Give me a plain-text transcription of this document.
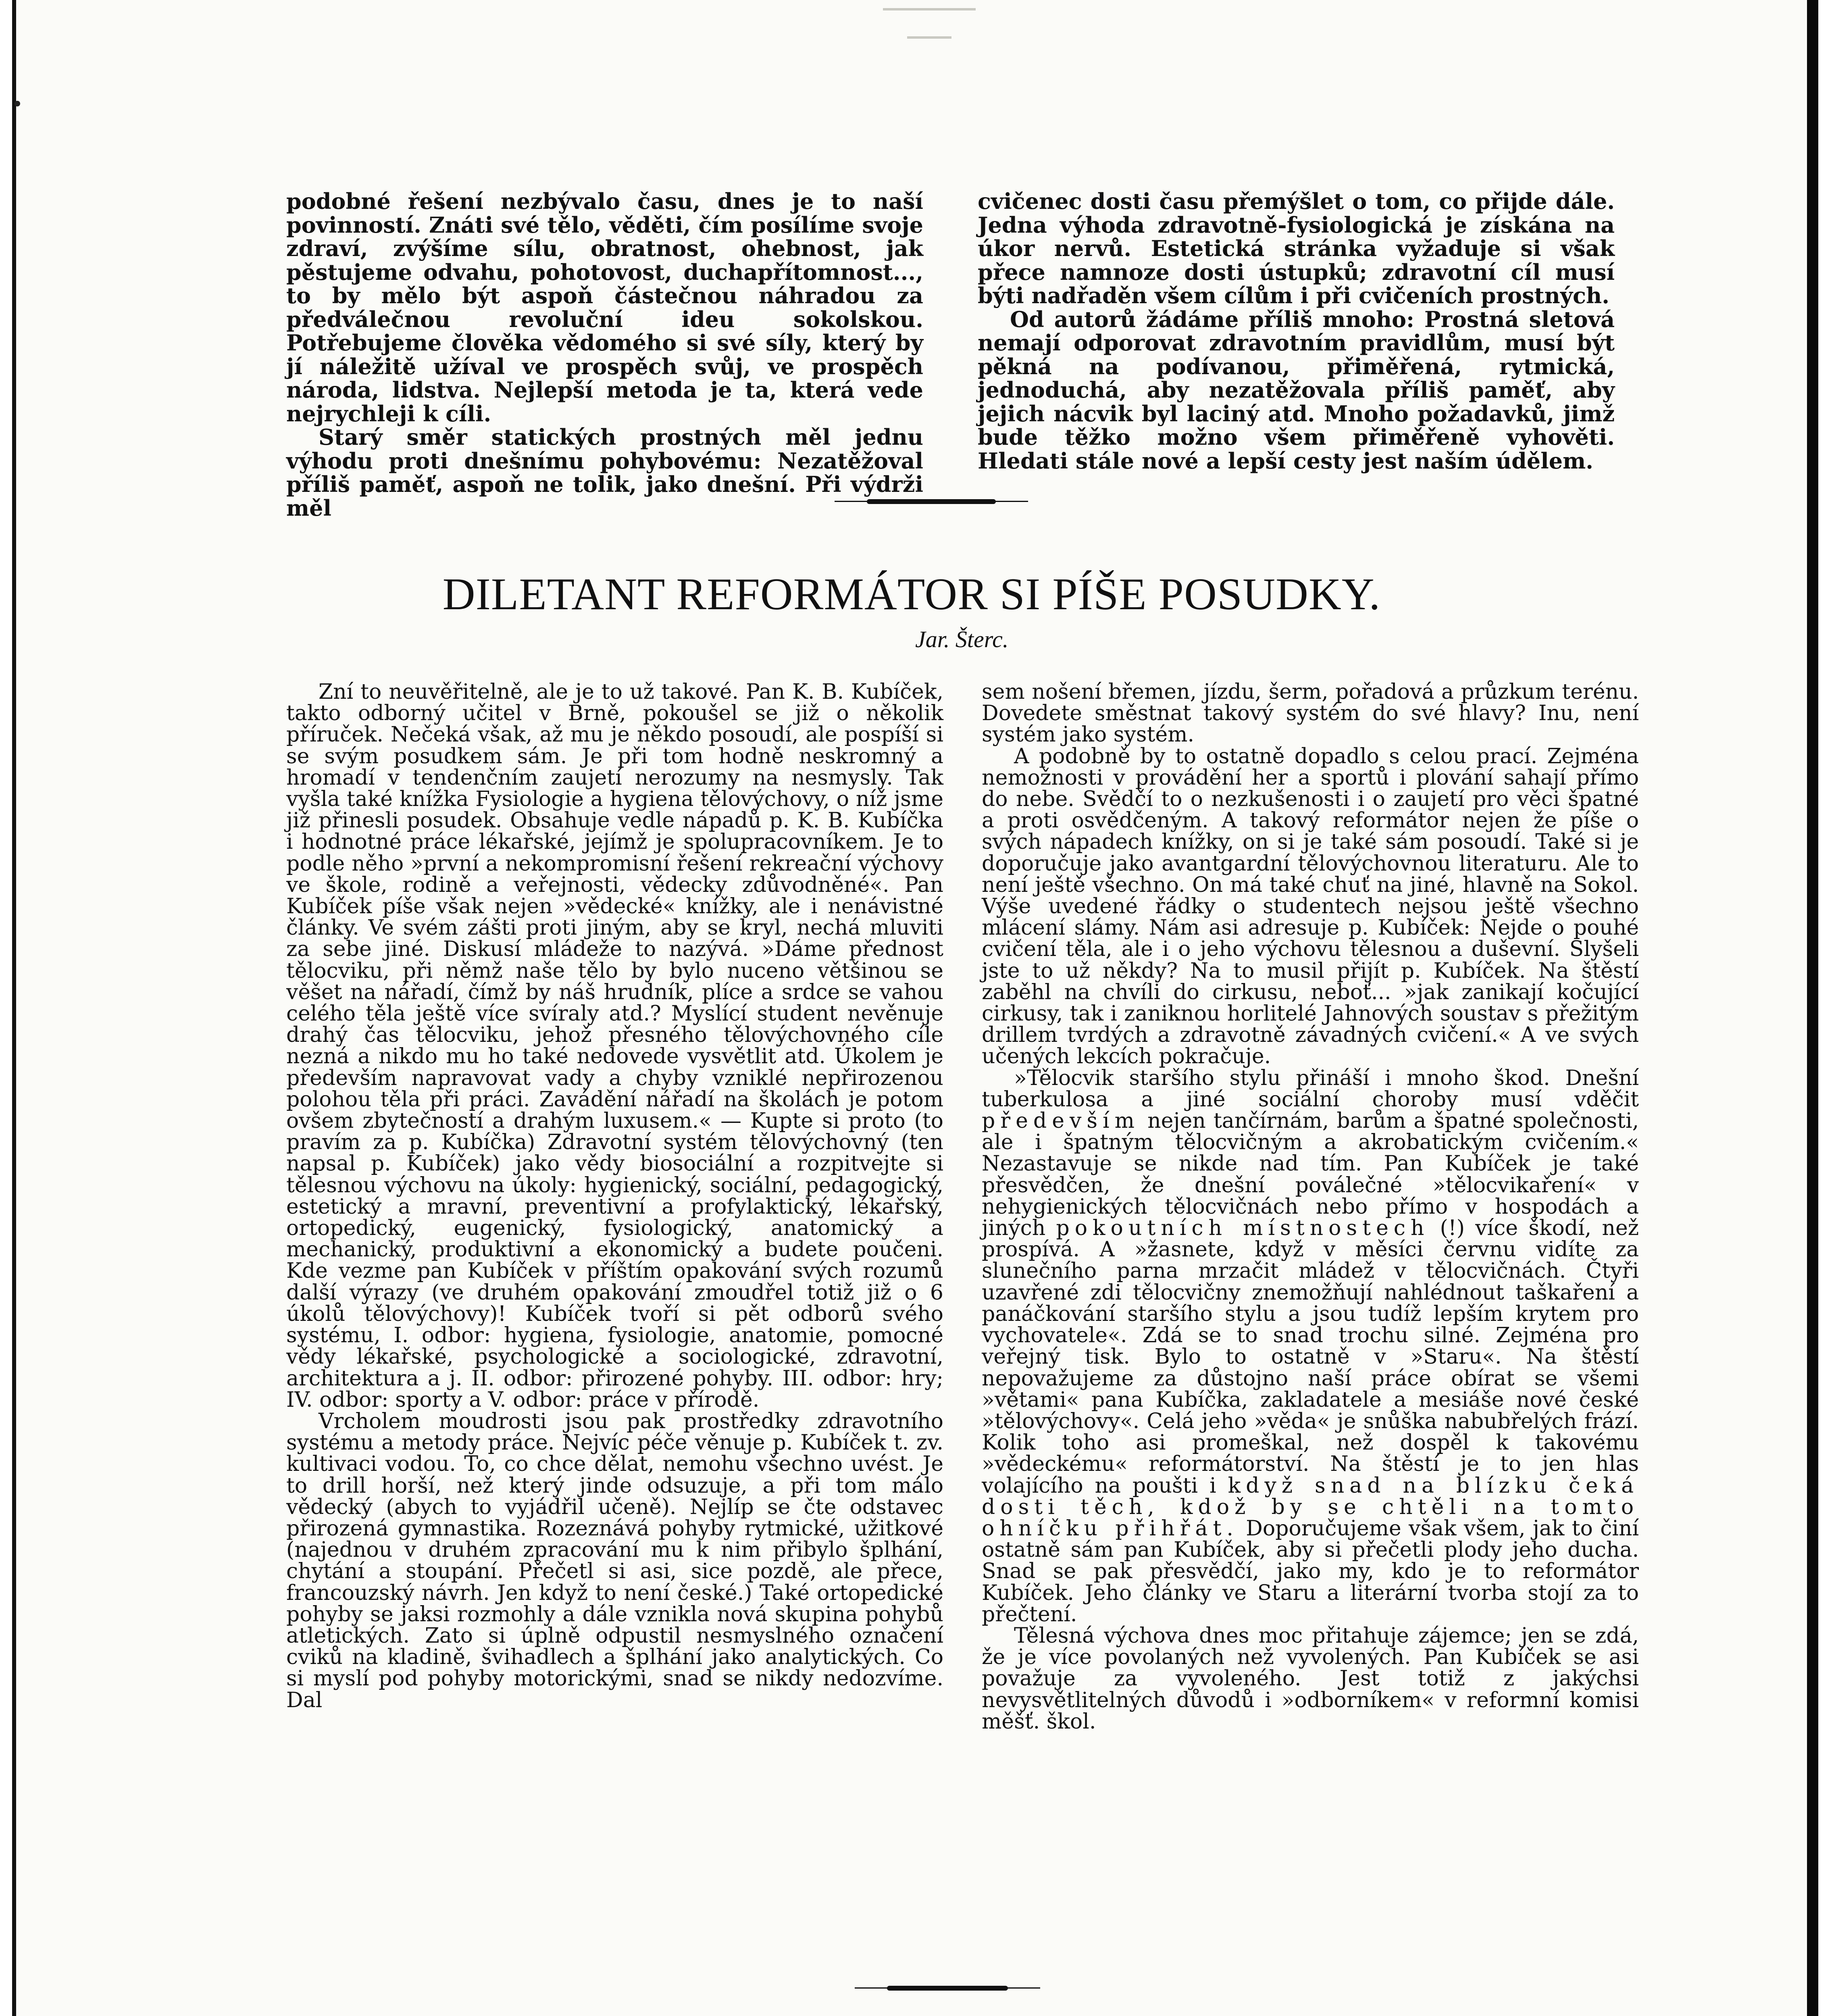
podobné řešení nezbývalo času, dnes je to naší povinností. Znáti své tělo, věděti, čím posílíme svoje zdraví, zvýšíme sílu, obratnost, ohebnost, jak pěstujeme odvahu, pohotovost, duchapřítomnost..., to by mělo být aspoň částečnou náhradou za předválečnou revoluční ideu sokolskou. Potřebujeme člověka vědomého si své síly, který by jí náležitě užíval ve prospěch svůj, ve prospěch národa, lidstva. Nejlepší metoda je ta, která vede nejrychleji k cíli.

Starý směr statických prostných měl jednu výhodu proti dnešnímu pohybovému: Nezatěžoval příliš paměť, aspoň ne tolik, jako dnešní. Při výdrži měl

cvičenec dosti času přemýšlet o tom, co přijde dále. Jedna výhoda zdravotně-fysiologická je získána na úkor nervů. Estetická stránka vyžaduje si však přece namnoze dosti ústupků; zdravotní cíl musí býti nadřaděn všem cílům i při cvičeních prostných.

Od autorů žádáme příliš mnoho: Prostná sletová nemají odporovat zdravotním pravidlům, musí být pěkná na podívanou, přiměřená, rytmická, jednoduchá, aby nezatěžovala příliš paměť, aby jejich nácvik byl laciný atd. Mnoho požadavků, jimž bude těžko možno všem přiměřeně vyhověti. Hledati stále nové a lepší cesty jest naším údělem.

DILETANT REFORMÁTOR SI PÍŠE POSUDKY.
Jar. Šterc.

Zní to neuvěřitelně, ale je to už takové. Pan K. B. Kubíček, takto odborný učitel v Brně, pokoušel se již o několik příruček. Nečeká však, až mu je někdo posoudí, ale pospíší si se svým posudkem sám. Je při tom hodně neskromný a hromadí v tendenčním zaujetí nerozumy na nesmysly. Tak vyšla také knížka Fysiologie a hygiena tělovýchovy, o níž jsme již přinesli posudek. Obsahuje vedle nápadů p. K. B. Kubíčka i hodnotné práce lékařské, jejímž je spolupracovníkem. Je to podle něho »první a nekompromisní řešení rekreační výchovy ve škole, rodině a veřejnosti, vědecky zdůvodněné«. Pan Kubíček píše však nejen »vědecké« knížky, ale i nenávistné články. Ve svém zášti proti jiným, aby se kryl, nechá mluviti za sebe jiné. Diskusí mládeže to nazývá. »Dáme přednost tělocviku, při němž naše tělo by bylo nuceno většinou se věšet na nářadí, čímž by náš hrudník, plíce a srdce se vahou celého těla ještě více svíraly atd.? Myslící student nevěnuje drahý čas tělocviku, jehož přesného tělovýchovného cíle nezná a nikdo mu ho také nedovede vysvětlit atd. Úkolem je především napravovat vady a chyby vzniklé nepřirozenou polohou těla při práci. Zavádění nářadí na školách je potom ovšem zbytečností a drahým luxusem.« — Kupte si proto (to pravím za p. Kubíčka) Zdravotní systém tělovýchovný (ten napsal p. Kubíček) jako vědy biosociální a rozpitvejte si tělesnou výchovu na úkoly: hygienický, sociální, pedagogický, estetický a mravní, preventivní a profylaktický, lékařský, ortopedický, eugenický, fysiologický, anatomický a mechanický, produktivní a ekonomický a budete poučeni. Kde vezme pan Kubíček v příštím opakování svých rozumů další výrazy (ve druhém opakování zmoudřel totiž již o 6 úkolů tělovýchovy)! Kubíček tvoří si pět odborů svého systému, I. odbor: hygiena, fysiologie, anatomie, pomocné vědy lékařské, psychologické a sociologické, zdravotní, architektura a j. II. odbor: přirozené pohyby. III. odbor: hry; IV. odbor: sporty a V. odbor: práce v přírodě.

Vrcholem moudrosti jsou pak prostředky zdravotního systému a metody práce. Nejvíc péče věnuje p. Kubíček t. zv. kultivaci vodou. To, co chce dělat, nemohu všechno uvést. Je to drill horší, než který jinde odsuzuje, a při tom málo vědecký (abych to vyjádřil učeně). Nejlíp se čte odstavec přirozená gymnastika. Rozeznává pohyby rytmické, užitkové (najednou v druhém zpracování mu k nim přibylo šplhání, chytání a stoupání. Přečetl si asi, sice pozdě, ale přece, francouzský návrh. Jen když to není české.) Také ortopedické pohyby se jaksi rozmohly a dále vznikla nová skupina pohybů atletických. Zato si úplně odpustil nesmyslného označení cviků na kladině, švihadlech a šplhání jako analytických. Co si myslí pod pohyby motorickými, snad se nikdy nedozvíme. Dal

sem nošení břemen, jízdu, šerm, pořadová a průzkum terénu. Dovedete směstnat takový systém do své hlavy? Inu, není systém jako systém.

A podobně by to ostatně dopadlo s celou prací. Zejména nemožnosti v provádění her a sportů i plování sahají přímo do nebe. Svědčí to o nezkušenosti i o zaujetí pro věci špatné a proti osvědčeným. A takový reformátor nejen že píše o svých nápadech knížky, on si je také sám posoudí. Také si je doporučuje jako avantgardní tělovýchovnou literaturu. Ale to není ještě všechno. On má také chuť na jiné, hlavně na Sokol. Výše uvedené řádky o studentech nejsou ještě všechno mlácení slámy. Nám asi adresuje p. Kubíček: Nejde o pouhé cvičení těla, ale i o jeho výchovu tělesnou a duševní. Slyšeli jste to už někdy? Na to musil přijít p. Kubíček. Na štěstí zaběhl na chvíli do cirkusu, neboť... »jak zanikají kočující cirkusy, tak i zaniknou horlitelé Jahnových soustav s přežitým drillem tvrdých a zdravotně závadných cvičení.« A ve svých učených lekcích pokračuje.

»Tělocvik staršího stylu přináší i mnoho škod. Dnešní tuberkulosa a jiné sociální choroby musí vděčit především nejen tančírnám, barům a špatné společnosti, ale i špatným tělocvičným a akrobatickým cvičením.« Nezastavuje se nikde nad tím. Pan Kubíček je také přesvědčen, že dnešní poválečné »tělocvikaření« v nehygienických tělocvičnách nebo přímo v hospodách a jiných pokoutních místnostech (!) více škodí, než prospívá. A »žasnete, když v měsíci červnu vidíte za slunečního parna mrzačit mládež v tělocvičnách. Čtyři uzavřené zdi tělocvičny znemožňují nahlédnout taškaření a panáčkování staršího stylu a jsou tudíž lepším krytem pro vychovatele«. Zdá se to snad trochu silné. Zejména pro veřejný tisk. Bylo to ostatně v »Staru«. Na štěstí nepovažujeme za důstojno naší práce obírat se všemi »větami« pana Kubíčka, zakladatele a mesiáše nové české »tělovýchovy«. Celá jeho »věda« je snůška nabubřelých frází. Kolik toho asi promeškal, než dospěl k takovému »vědeckému« reformátorství. Na štěstí je to jen hlas volajícího na poušti i když snad na blízku čeká dosti těch, kdož by se chtěli na tomto ohníčku přihřát. Doporučujeme však všem, jak to činí ostatně sám pan Kubíček, aby si přečetli plody jeho ducha. Snad se pak přesvědčí, jako my, kdo je to reformátor Kubíček. Jeho články ve Staru a literární tvorba stojí za to přečtení.

Tělesná výchova dnes moc přitahuje zájemce; jen se zdá, že je více povolaných než vyvolených. Pan Kubíček se asi považuje za vyvoleného. Jest totiž z jakýchsi nevysvětlitelných důvodů i »odborníkem« v reformní komisi měšť. škol.
